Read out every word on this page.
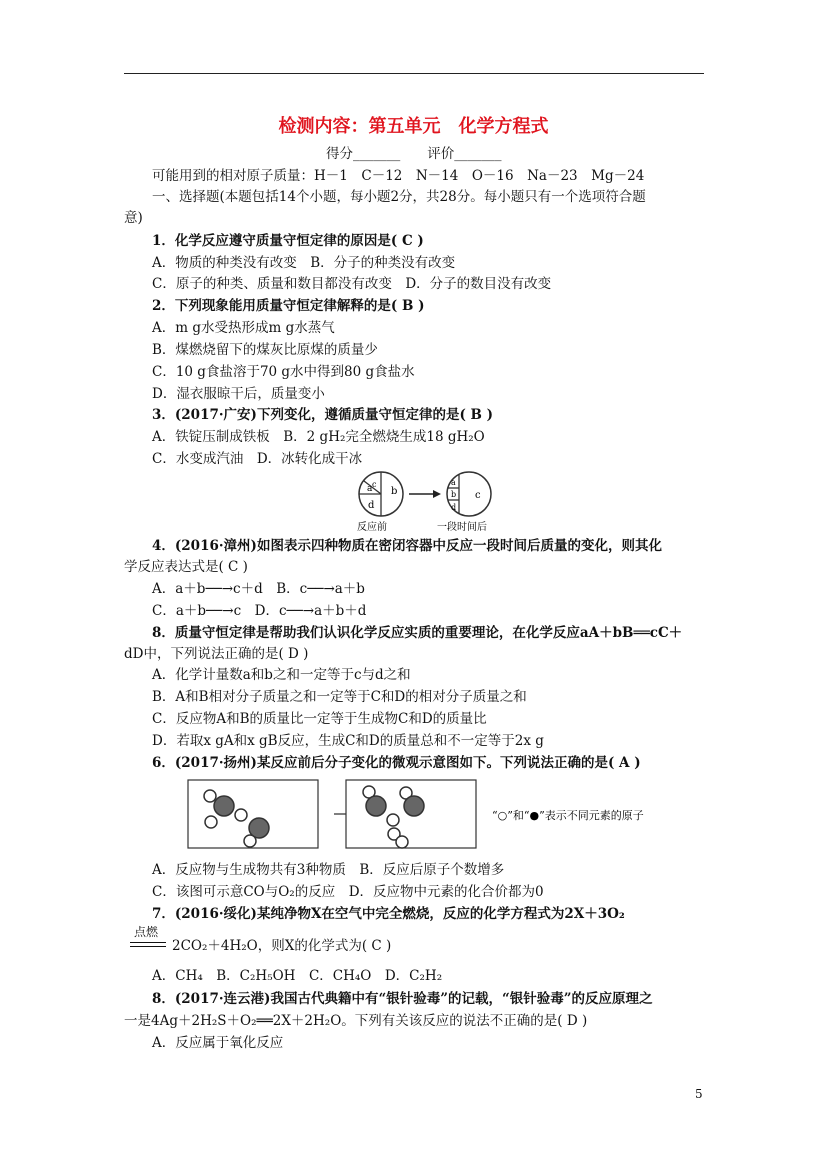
检测内容：第五单元　化学方程式
得分_______　　评价_______
可能用到的相对原子质量：H－1　C－12　N－14　O－16　Na－23　Mg－24
一、选择题(本题包括14个小题，每小题2分，共28分。每小题只有一个选项符合题
意)
1．化学反应遵守质量守恒定律的原因是( C )
A．物质的种类没有改变　B．分子的种类没有改变
C．原子的种类、质量和数目都没有改变　D．分子的数目没有改变
2．下列现象能用质量守恒定律解释的是( B )
A．m g水受热形成m g水蒸气
B．煤燃烧留下的煤灰比原煤的质量少
C．10 g食盐溶于70 g水中得到80 g食盐水
D．湿衣服晾干后，质量变小
3．(2017·广安)下列变化，遵循质量守恒定律的是( B )
A．铁锭压制成铁板　B．2 gH₂完全燃烧生成18 gH₂O
C．水变成汽油　D．冰转化成干冰
a b
c
d
a
b c
d
反应前	一段时间后
4．(2016·漳州)如图表示四种物质在密闭容器中反应一段时间后质量的变化，则其化
学反应表达式是( C )
A．a＋b──→c＋d　B．c──→a＋b
C．a＋b──→c　D．c──→a＋b＋d
8．质量守恒定律是帮助我们认识化学反应实质的重要理论，在化学反应aA＋bB══cC＋
dD中，下列说法正确的是( D )
A．化学计量数a和b之和一定等于c与d之和
B．A和B相对分子质量之和一定等于C和D的相对分子质量之和
C．反应物A和B的质量比一定等于生成物C和D的质量比
D．若取x gA和x gB反应，生成C和D的质量总和不一定等于2x g
6．(2017·扬州)某反应前后分子变化的微观示意图如下。下列说法正确的是( A )
“○”和“●”表示不同元素的原子
A．反应物与生成物共有3种物质　B．反应后原子个数增多
C．该图可示意CO与O₂的反应　D．反应物中元素的化合价都为0
7．(2016·绥化)某纯净物X在空气中完全燃烧，反应的化学方程式为2X＋3O₂
点燃
2CO₂＋4H₂O，则X的化学式为( C )
A．CH₄　B．C₂H₅OH　C．CH₄O　D．C₂H₂
8．(2017·连云港)我国古代典籍中有“银针验毒”的记载，“银针验毒”的反应原理之
一是4Ag＋2H₂S＋O₂══2X＋2H₂O。下列有关该反应的说法不正确的是( D )
A．反应属于氧化反应
5
